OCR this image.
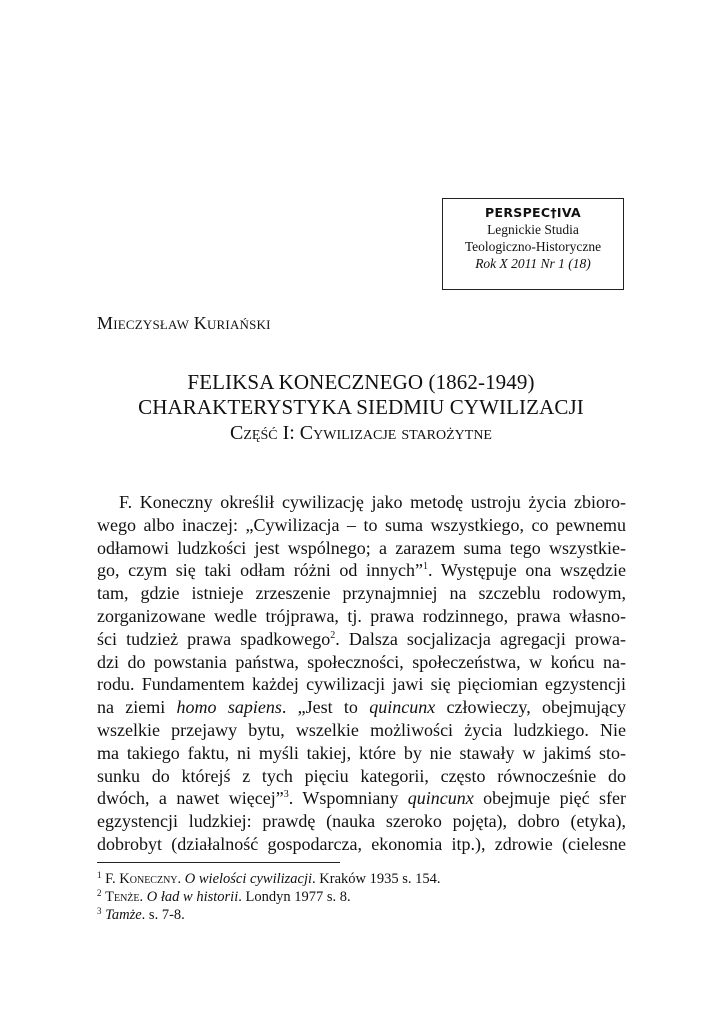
PERSPEC†IVA
Legnickie Studia
Teologiczno-Historyczne
Rok X 2011 Nr 1 (18)
Mieczysław Kuriański
FELIKSA KONECZNEGO (1862-1949)
CHARAKTERYSTYKA SIEDMIU CYWILIZACJI
Część I: Cywilizacje starożytne
F. Koneczny określił cywilizację jako metodę ustroju życia zbioro-
wego albo inaczej: „Cywilizacja – to suma wszystkiego, co pewnemu
odłamowi ludzkości jest wspólnego; a zarazem suma tego wszystkie-
go, czym się taki odłam różni od innych”$^1$. Występuje ona wszędzie
tam, gdzie istnieje zrzeszenie przynajmniej na szczeblu rodowym,
zorganizowane wedle trójprawa, tj. prawa rodzinnego, prawa własno-
ści tudzież prawa spadkowego$^2$. Dalsza socjalizacja agregacji prowa-
dzi do powstania państwa, społeczności, społeczeństwa, w końcu na-
rodu. Fundamentem każdej cywilizacji jawi się pięciomian egzystencji
na ziemi homo sapiens. „Jest to quincunx człowieczy, obejmujący
wszelkie przejawy bytu, wszelkie możliwości życia ludzkiego. Nie
ma takiego faktu, ni myśli takiej, które by nie stawały w jakimś sto-
sunku do którejś z tych pięciu kategorii, często równocześnie do
dwóch, a nawet więcej”$^3$. Wspomniany quincunx obejmuje pięć sfer
egzystencji ludzkiej: prawdę (nauka szeroko pojęta), dobro (etyka),
dobrobyt (działalność gospodarcza, ekonomia itp.), zdrowie (cielesne
$^1$ F. Koneczny. O wielości cywilizacji. Kraków 1935 s. 154.
$^2$ Tenże. O ład w historii. Londyn 1977 s. 8.
$^3$ Tamże. s. 7-8.
